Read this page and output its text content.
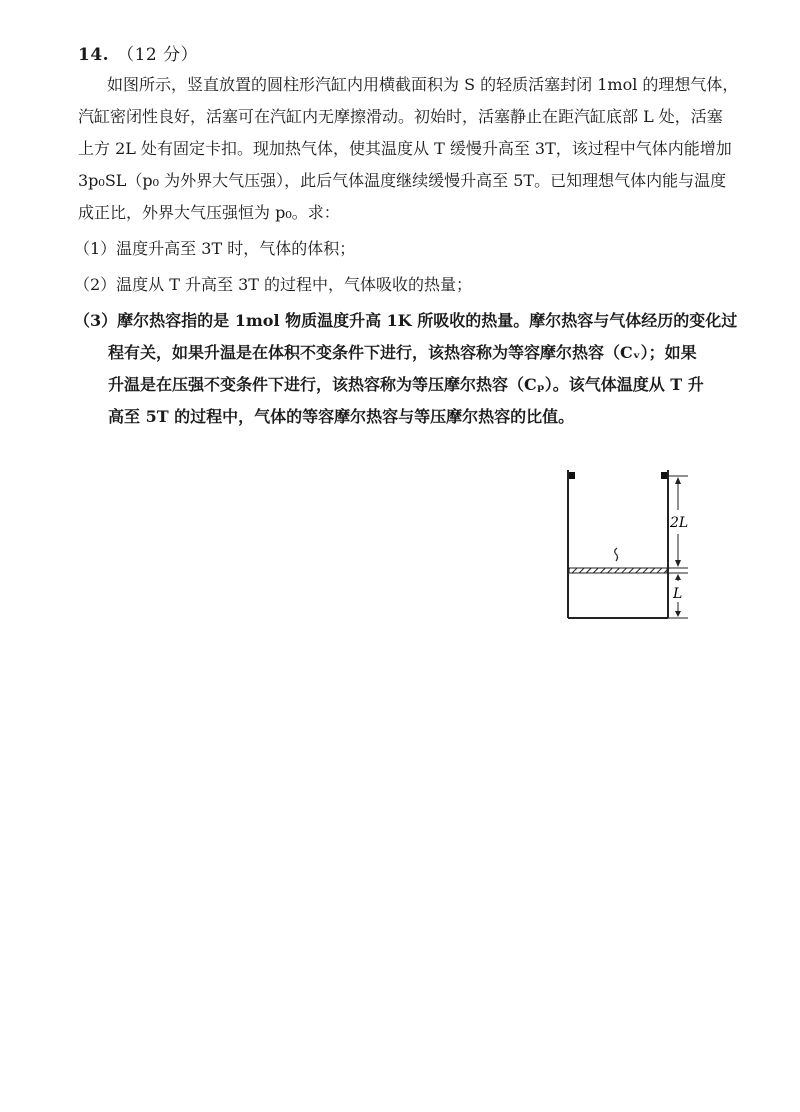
14. （12 分）
如图所示，竖直放置的圆柱形汽缸内用横截面积为 S 的轻质活塞封闭 1mol 的理想气体，
汽缸密闭性良好，活塞可在汽缸内无摩擦滑动。初始时，活塞静止在距汽缸底部 L 处，活塞
上方 2L 处有固定卡扣。现加热气体，使其温度从 T 缓慢升高至 3T，该过程中气体内能增加
3p₀SL（p₀ 为外界大气压强），此后气体温度继续缓慢升高至 5T。已知理想气体内能与温度
成正比，外界大气压强恒为 p₀。求：
（1）温度升高至 3T 时，气体的体积；
（2）温度从 T 升高至 3T 的过程中，气体吸收的热量；
（3）摩尔热容指的是 1mol 物质温度升高 1K 所吸收的热量。摩尔热容与气体经历的变化过
程有关，如果升温是在体积不变条件下进行，该热容称为等容摩尔热容（Cᵥ）；如果
升温是在压强不变条件下进行，该热容称为等压摩尔热容（Cₚ）。该气体温度从 T 升
高至 5T 的过程中，气体的等容摩尔热容与等压摩尔热容的比值。
2L
L
